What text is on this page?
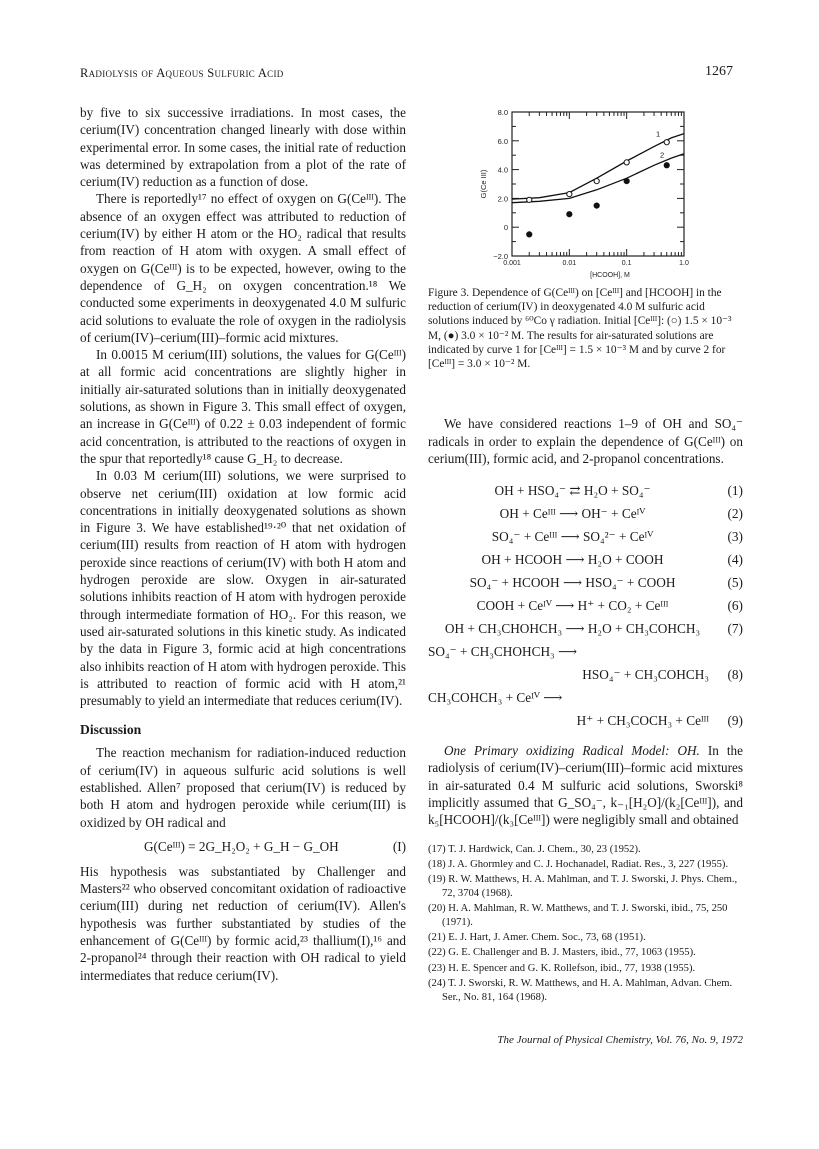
Radiolysis of Aqueous Sulfuric Acid	1267

by five to six successive irradiations. In most cases, the cerium(IV) concentration changed linearly with dose within experimental error. In some cases, the initial rate of reduction was determined by extrapolation from a plot of the rate of cerium(IV) reduction as a function of dose.

There is reportedly¹⁷ no effect of oxygen on G(Ceᴵᴵᴵ). The absence of an oxygen effect was attributed to reduction of cerium(IV) by either H atom or the HO₂ radical that results from reaction of H atom with oxygen. A small effect of oxygen on G(Ceᴵᴵᴵ) is to be expected, however, owing to the dependence of G_H₂ on oxygen concentration.¹⁸ We conducted some experiments in deoxygenated 4.0 M sulfuric acid solutions to evaluate the role of oxygen in the radiolysis of cerium(IV)–cerium(III)–formic acid mixtures.

In 0.0015 M cerium(III) solutions, the values for G(Ceᴵᴵᴵ) at all formic acid concentrations are slightly higher in initially air-saturated solutions than in initially deoxygenated solutions, as shown in Figure 3. This small effect of oxygen, an increase in G(Ceᴵᴵᴵ) of 0.22 ± 0.03 independent of formic acid concentration, is attributed to the reactions of oxygen in the spur that reportedly¹⁸ cause G_H₂ to decrease.

In 0.03 M cerium(III) solutions, we were surprised to observe net cerium(III) oxidation at low formic acid concentrations in initially deoxygenated solutions as shown in Figure 3. We have established¹⁹·²⁰ that net oxidation of cerium(III) results from reaction of H atom with hydrogen peroxide since reactions of cerium(IV) with both H atom and hydrogen peroxide are slow. Oxygen in air-saturated solutions inhibits reaction of H atom with hydrogen peroxide through intermediate formation of HO₂. For this reason, we used air-saturated solutions in this kinetic study. As indicated by the data in Figure 3, formic acid at high concentrations also inhibits reaction of H atom with hydrogen peroxide. This is attributed to reaction of formic acid with H atom,²¹ presumably to yield an intermediate that reduces cerium(IV).

Discussion

The reaction mechanism for radiation-induced reduction of cerium(IV) in aqueous sulfuric acid solutions is well established. Allen⁷ proposed that cerium(IV) is reduced by both H atom and hydrogen peroxide while cerium(III) is oxidized by OH radical and

G(Ceᴵᴵᴵ) = 2G_H₂O₂ + G_H − G_OH	(I)

His hypothesis was substantiated by Challenger and Masters²² who observed concomitant oxidation of radioactive cerium(III) during net reduction of cerium(IV). Allen's hypothesis was further substantiated by studies of the enhancement of G(Ceᴵᴵᴵ) by formic acid,²³ thallium(I),¹⁶ and 2-propanol²⁴ through their reaction with OH radical to yield intermediates that reduce cerium(IV).

8.0
6.0
4.0
2.0
0
−2.0
0.001	0.01	0.1	1.0
G(Ce III)
[HCOOH], M
1
2

Figure 3. Dependence of G(Ceᴵᴵᴵ) on [Ceᴵᴵᴵ] and [HCOOH] in the reduction of cerium(IV) in deoxygenated 4.0 M sulfuric acid solutions induced by ⁶⁰Co γ radiation. Initial [Ceᴵᴵᴵ]: (○) 1.5 × 10⁻³ M, (●) 3.0 × 10⁻² M. The results for air-saturated solutions are indicated by curve 1 for [Ceᴵᴵᴵ] = 1.5 × 10⁻³ M and by curve 2 for [Ceᴵᴵᴵ] = 3.0 × 10⁻² M.

We have considered reactions 1–9 of OH and SO₄⁻ radicals in order to explain the dependence of G(Ceᴵᴵᴵ) on cerium(III), formic acid, and 2-propanol concentrations.

OH + HSO₄⁻ ⇄ H₂O + SO₄⁻	(1)
OH + Ceᴵᴵᴵ ⟶ OH⁻ + Ceᴵⱽ	(2)
SO₄⁻ + Ceᴵᴵᴵ ⟶ SO₄²⁻ + Ceᴵⱽ	(3)
OH + HCOOH ⟶ H₂O + COOH	(4)
SO₄⁻ + HCOOH ⟶ HSO₄⁻ + COOH	(5)
COOH + Ceᴵⱽ ⟶ H⁺ + CO₂ + Ceᴵᴵᴵ	(6)
OH + CH₃CHOHCH₃ ⟶ H₂O + CH₃COHCH₃	(7)
SO₄⁻ + CH₃CHOHCH₃ ⟶
HSO₄⁻ + CH₃COHCH₃	(8)
CH₃COHCH₃ + Ceᴵⱽ ⟶
H⁺ + CH₃COCH₃ + Ceᴵᴵᴵ	(9)

One Primary oxidizing Radical Model: OH. In the radiolysis of cerium(IV)–cerium(III)–formic acid mixtures in air-saturated 0.4 M sulfuric acid solutions, Sworski⁸ implicitly assumed that G_SO₄⁻, k₋₁[H₂O]/(k₂[Ceᴵᴵᴵ]), and k₅[HCOOH]/(k₃[Ceᴵᴵᴵ]) were negligibly small and obtained

(17) T. J. Hardwick, Can. J. Chem., 30, 23 (1952).
(18) J. A. Ghormley and C. J. Hochanadel, Radiat. Res., 3, 227 (1955).
(19) R. W. Matthews, H. A. Mahlman, and T. J. Sworski, J. Phys. Chem., 72, 3704 (1968).
(20) H. A. Mahlman, R. W. Matthews, and T. J. Sworski, ibid., 75, 250 (1971).
(21) E. J. Hart, J. Amer. Chem. Soc., 73, 68 (1951).
(22) G. E. Challenger and B. J. Masters, ibid., 77, 1063 (1955).
(23) H. E. Spencer and G. K. Rollefson, ibid., 77, 1938 (1955).
(24) T. J. Sworski, R. W. Matthews, and H. A. Mahlman, Advan. Chem. Ser., No. 81, 164 (1968).
The Journal of Physical Chemistry, Vol. 76, No. 9, 1972
